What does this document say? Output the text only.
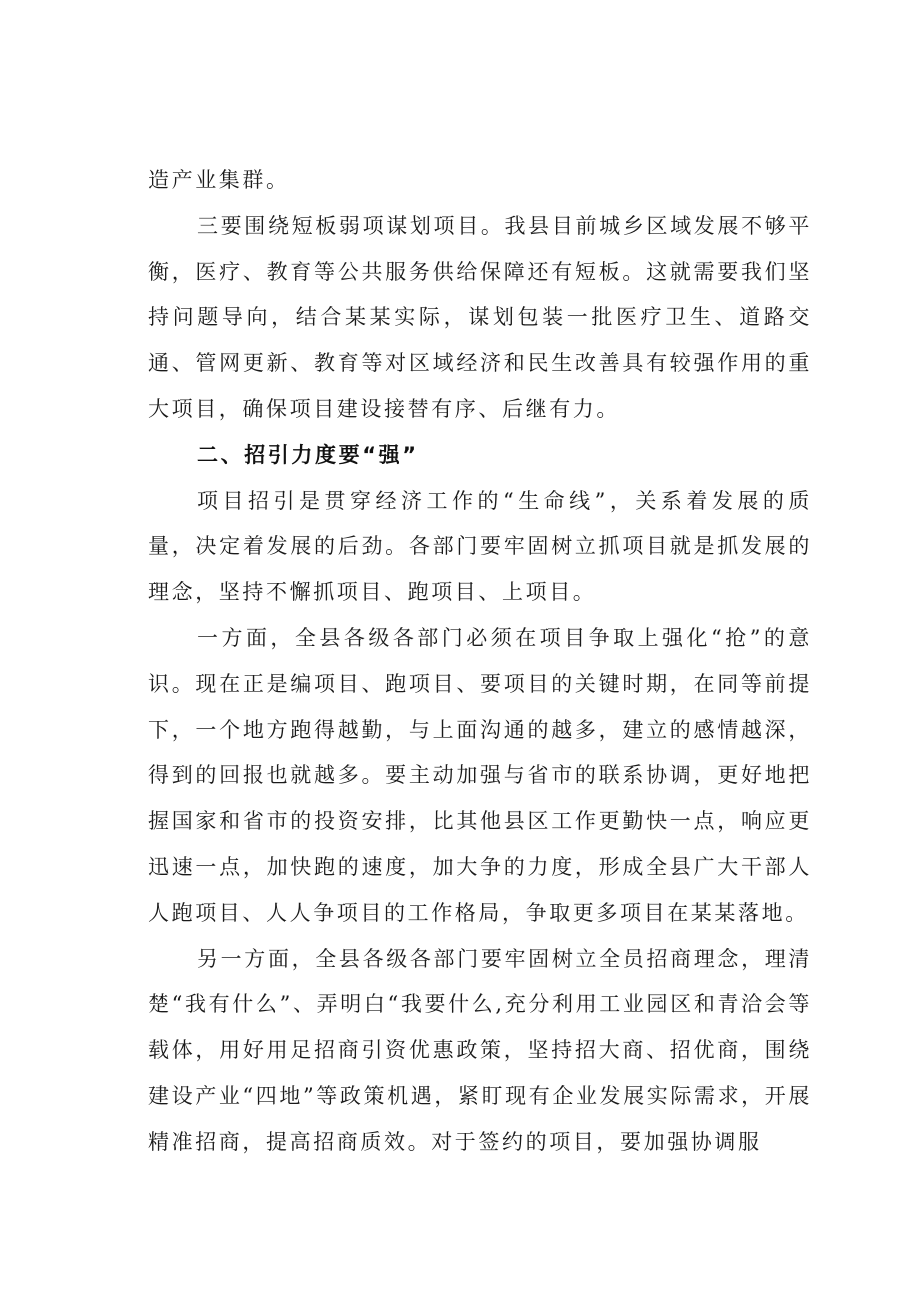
造产业集群。

三要围绕短板弱项谋划项目。我县目前城乡区域发展不够平衡，医疗、教育等公共服务供给保障还有短板。这就需要我们坚持问题导向，结合某某实际，谋划包装一批医疗卫生、道路交通、管网更新、教育等对区域经济和民生改善具有较强作用的重大项目，确保项目建设接替有序、后继有力。

二、招引力度要“强”

项目招引是贯穿经济工作的“生命线”，关系着发展的质量，决定着发展的后劲。各部门要牢固树立抓项目就是抓发展的理念，坚持不懈抓项目、跑项目、上项目。

一方面，全县各级各部门必须在项目争取上强化“抢”的意识。现在正是编项目、跑项目、要项目的关键时期，在同等前提下，一个地方跑得越勤，与上面沟通的越多，建立的感情越深，得到的回报也就越多。要主动加强与省市的联系协调，更好地把握国家和省市的投资安排，比其他县区工作更勤快一点，响应更迅速一点，加快跑的速度，加大争的力度，形成全县广大干部人人跑项目、人人争项目的工作格局，争取更多项目在某某落地。

另一方面，全县各级各部门要牢固树立全员招商理念，理清楚“我有什么”、弄明白“我要什么,充分利用工业园区和青洽会等载体，用好用足招商引资优惠政策，坚持招大商、招优商，围绕建设产业“四地”等政策机遇，紧盯现有企业发展实际需求，开展精准招商，提高招商质效。对于签约的项目，要加强协调服
